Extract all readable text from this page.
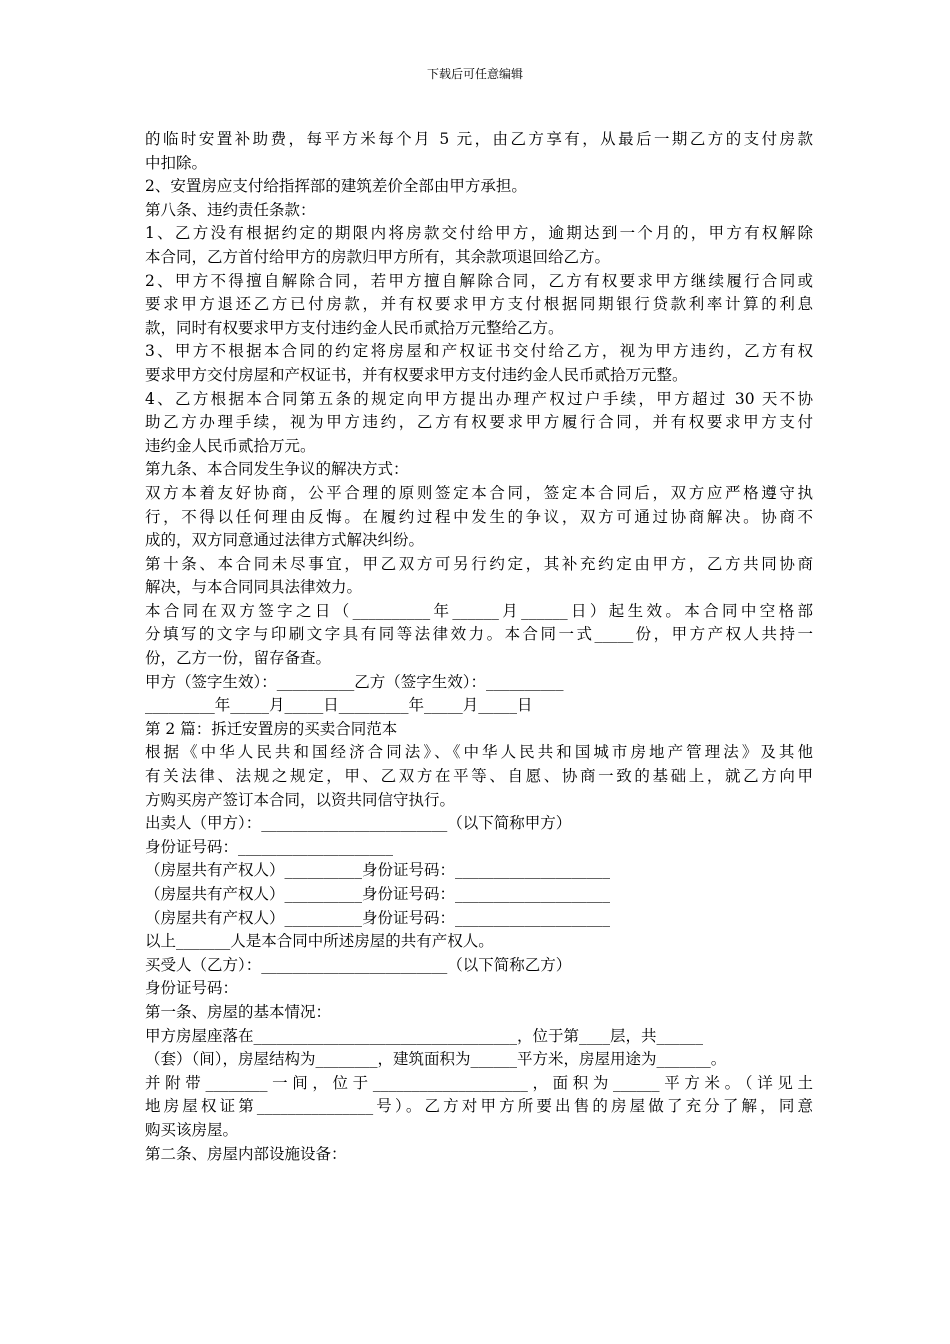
下载后可任意编辑
的临时安置补助费，每平方米每个月 5 元，由乙方享有，从最后一期乙方的支付房款
中扣除。
2、安置房应支付给指挥部的建筑差价全部由甲方承担。
第八条、违约责任条款：
1、乙方没有根据约定的期限内将房款交付给甲方，逾期达到一个月的，甲方有权解除
本合同，乙方首付给甲方的房款归甲方所有，其余款项退回给乙方。
2、甲方不得擅自解除合同，若甲方擅自解除合同，乙方有权要求甲方继续履行合同或
要求甲方退还乙方已付房款，并有权要求甲方支付根据同期银行贷款利率计算的利息
款，同时有权要求甲方支付违约金人民币贰拾万元整给乙方。
3、甲方不根据本合同的约定将房屋和产权证书交付给乙方，视为甲方违约，乙方有权
要求甲方交付房屋和产权证书，并有权要求甲方支付违约金人民币贰拾万元整。
4、乙方根据本合同第五条的规定向甲方提出办理产权过户手续，甲方超过 30 天不协
助乙方办理手续，视为甲方违约，乙方有权要求甲方履行合同，并有权要求甲方支付
违约金人民币贰拾万元。
第九条、本合同发生争议的解决方式：
双方本着友好协商，公平合理的原则签定本合同，签定本合同后，双方应严格遵守执
行，不得以任何理由反悔。在履约过程中发生的争议，双方可通过协商解决。协商不
成的，双方同意通过法律方式解决纠纷。
第十条、本合同未尽事宜，甲乙双方可另行约定，其补充约定由甲方，乙方共同协商
解决，与本合同同具法律效力。
本合同在双方签字之日（__________年______月______日）起生效。本合同中空格部
分填写的文字与印刷文字具有同等法律效力。本合同一式_____份，甲方产权人共持一
份，乙方一份，留存备查。
甲方（签字生效）：__________乙方（签字生效）：__________
_________年_____月_____日_________年_____月_____日
第 2 篇：拆迁安置房的买卖合同范本
根据《中华人民共和国经济合同法》、《中华人民共和国城市房地产管理法》及其他
有关法律、法规之规定，甲、乙双方在平等、自愿、协商一致的基础上，就乙方向甲
方购买房产签订本合同，以资共同信守执行。
出卖人（甲方）：________________________（以下简称甲方）
身份证号码：____________________
（房屋共有产权人）__________身份证号码：____________________
（房屋共有产权人）__________身份证号码：____________________
（房屋共有产权人）__________身份证号码：____________________
以上_______人是本合同中所述房屋的共有产权人。
买受人（乙方）：________________________（以下简称乙方）
身份证号码：
第一条、房屋的基本情况：
甲方房屋座落在__________________________________，位于第____层，共______
（套）（间），房屋结构为________，建筑面积为______平方米，房屋用途为_______。
并附带________一间，位于____________________，面积为______平方米。（详见土
地房屋权证第_______________号）。乙方对甲方所要出售的房屋做了充分了解，同意
购买该房屋。
第二条、房屋内部设施设备：
